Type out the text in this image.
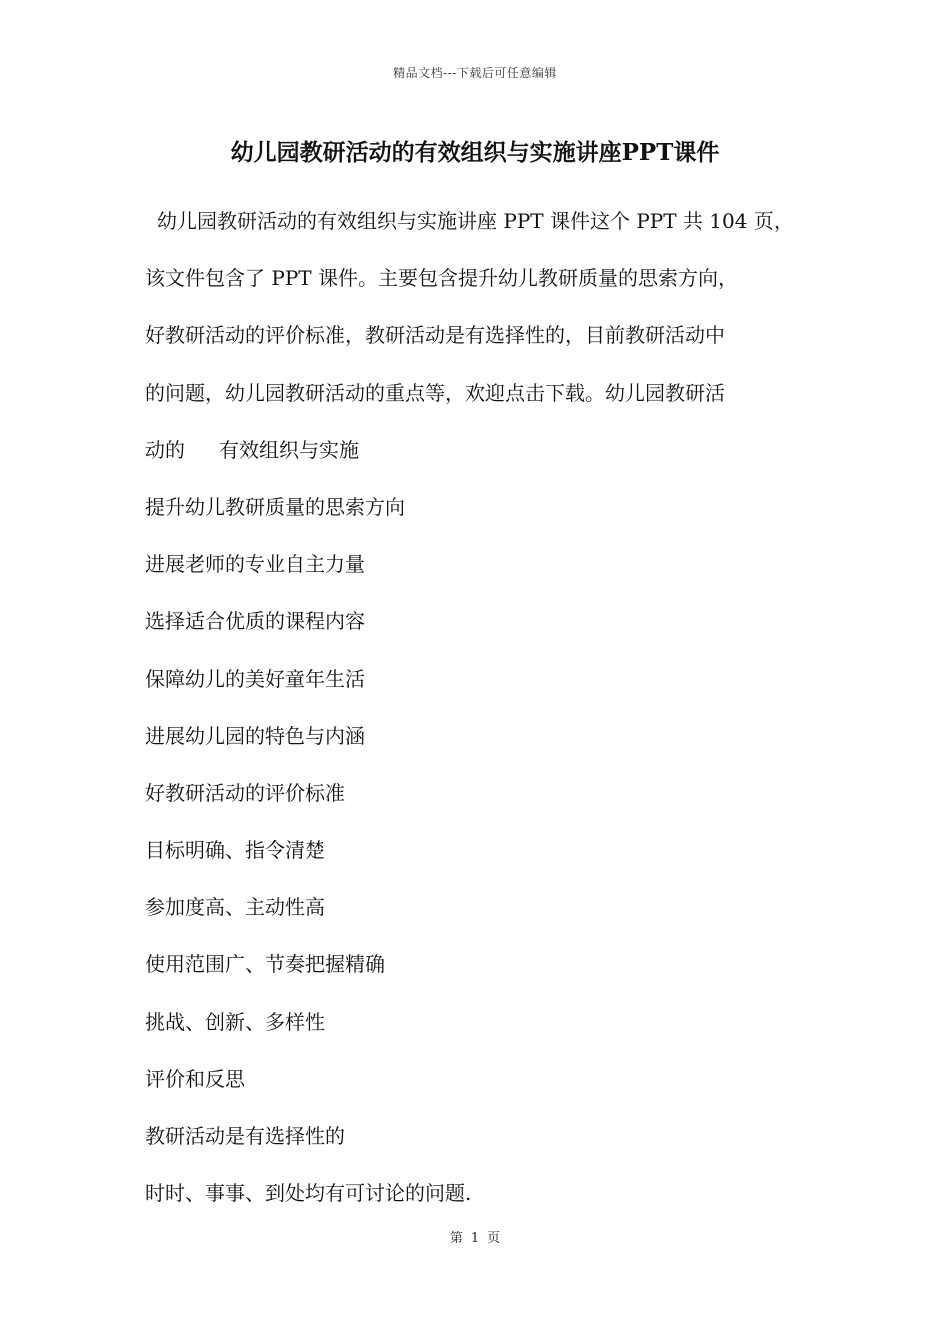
精品文档---下载后可任意编辑
幼儿园教研活动的有效组织与实施讲座PPT课件
幼儿园教研活动的有效组织与实施讲座 PPT 课件这个 PPT 共 104 页，
该文件包含了 PPT 课件。主要包含提升幼儿教研质量的思索方向，
好教研活动的评价标准，教研活动是有选择性的，目前教研活动中
的问题，幼儿园教研活动的重点等，欢迎点击下载。幼儿园教研活
动的 有效组织与实施
提升幼儿教研质量的思索方向
进展老师的专业自主力量
选择适合优质的课程内容
保障幼儿的美好童年生活
进展幼儿园的特色与内涵
好教研活动的评价标准
目标明确、指令清楚
参加度高、主动性高
使用范围广、节奏把握精确
挑战、创新、多样性
评价和反思
教研活动是有选择性的
时时、事事、到处均有可讨论的问题.
第 1 页
